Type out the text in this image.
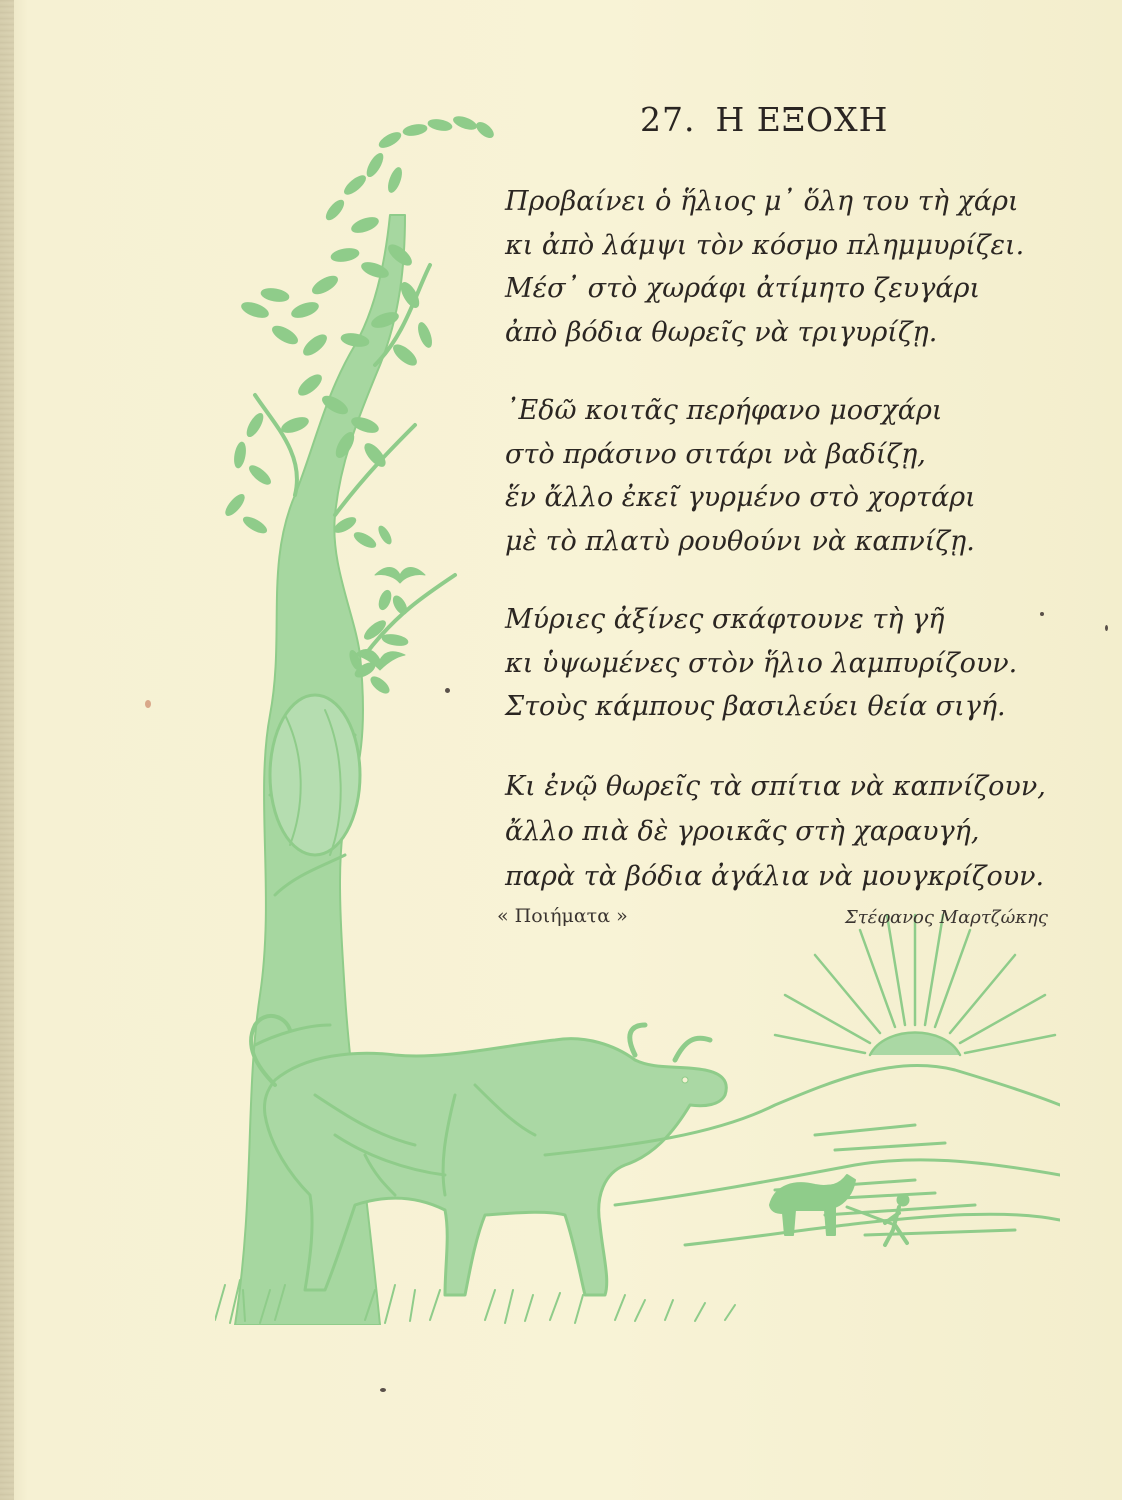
27. Η ΕΞΟΧΗ
Προβαίνει ὁ ἥλιος μ᾽ ὅλη του τὴ χάρι
κι ἀπὸ λάμψι τὸν κόσμο πλημμυρίζει.
Μέσ᾽ στὸ χωράφι ἀτίμητο ζευγάρι
ἀπὸ βόδια θωρεῖς νὰ τριγυρίζῃ.
᾽Εδῶ κοιτᾶς περήφανο μοσχάρι
στὸ πράσινο σιτάρι νὰ βαδίζῃ,
ἕν ἄλλο ἐκεῖ γυρμένο στὸ χορτάρι
μὲ τὸ πλατὺ ρουθούνι νὰ καπνίζῃ.
Μύριες ἀξίνες σκάφτουνε τὴ γῆ
κι ὑψωμένες στὸν ἥλιο λαμπυρίζουν.
Στοὺς κάμπους βασιλεύει θεία σιγή.
Κι ἐνῷ θωρεῖς τὰ σπίτια νὰ καπνίζουν,
ἄλλο πιὰ δὲ γροικᾶς στὴ χαραυγή,
παρὰ τὰ βόδια ἀγάλια νὰ μουγκρίζουν.
« Ποιήματα »	Στέφανος Μαρτζώκης
